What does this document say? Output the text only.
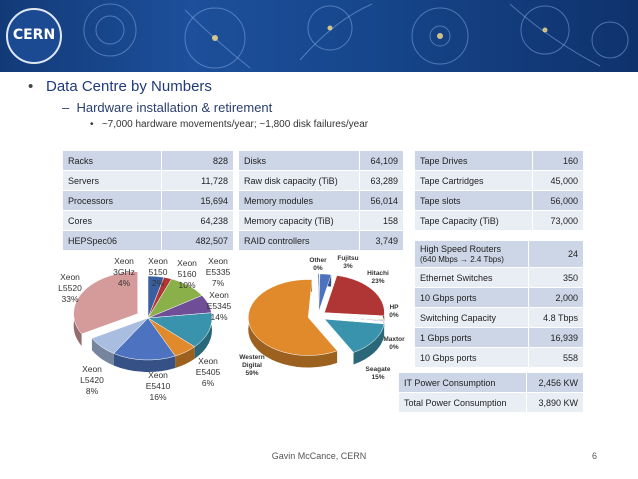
CERN
• Data Centre by Numbers
–  Hardware installation & retirement
•   ~7,000 hardware movements/year; ~1,800 disk failures/year
Racks	828
Servers	11,728
Processors	15,694
Cores	64,238
HEPSpec06	482,507
Disks	64,109
Raw disk capacity (TiB)	63,289
Memory modules	56,014
Memory capacity (TiB)	158
RAID controllers	3,749
Tape Drives	160
Tape Cartridges	45,000
Tape slots	56,000
Tape Capacity (TiB)	73,000
High Speed Routers
(640 Mbps → 2.4 Tbps)	24
Ethernet Switches	350
10 Gbps ports	2,000
Switching Capacity	4.8 Tbps
1 Gbps ports	16,939
10 Gbps ports	558
IT Power Consumption	2,456 KW
Total Power Consumption	3,890 KW
Xeon
3GHz
4%
Xeon
5150
2%
Xeon
5160
10%
Xeon
E5335
7%
Xeon
E5345
14%
Xeon
E5405
6%
Xeon
E5410
16%
Xeon
L5420
8%
Xeon
L5520
33%
Other
0%
Fujitsu
3%
Hitachi
23%
HP
0%
Maxtor
0%
Seagate
15%
Western
Digital
59%
Gavin McCance, CERN	6
